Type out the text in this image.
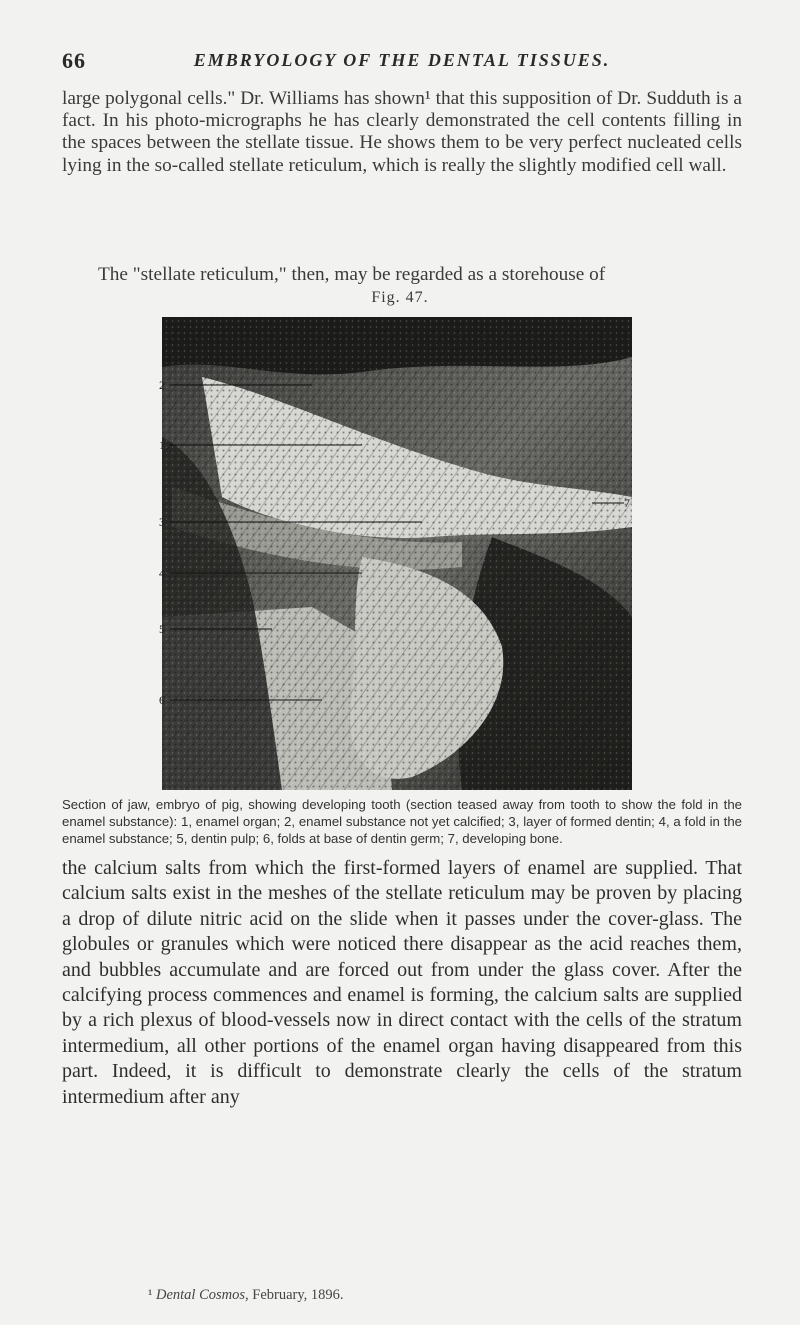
66	EMBRYOLOGY OF THE DENTAL TISSUES.

large polygonal cells." Dr. Williams has shown¹ that this supposition of Dr. Sudduth is a fact. In his photo-micrographs he has clearly demonstrated the cell contents filling in the spaces between the stellate tissue. He shows them to be very perfect nucleated cells lying in the so-called stellate reticulum, which is really the slightly modified cell wall.

The "stellate reticulum," then, may be regarded as a storehouse of

Fig. 47.
2
1
3
4
5
6
7
Section of jaw, embryo of pig, showing developing tooth (section teased away from tooth to show the fold in the enamel substance): 1, enamel organ; 2, enamel substance not yet calcified; 3, layer of formed dentin; 4, a fold in the enamel substance; 5, dentin pulp; 6, folds at base of dentin germ; 7, developing bone.

the calcium salts from which the first-formed layers of enamel are supplied. That calcium salts exist in the meshes of the stellate reticulum may be proven by placing a drop of dilute nitric acid on the slide when it passes under the cover-glass. The globules or granules which were noticed there disappear as the acid reaches them, and bubbles accumulate and are forced out from under the glass cover. After the calcifying process commences and enamel is forming, the calcium salts are supplied by a rich plexus of blood-vessels now in direct contact with the cells of the stratum intermedium, all other portions of the enamel organ having disappeared from this part. Indeed, it is difficult to demonstrate clearly the cells of the stratum intermedium after any

¹ Dental Cosmos, February, 1896.
